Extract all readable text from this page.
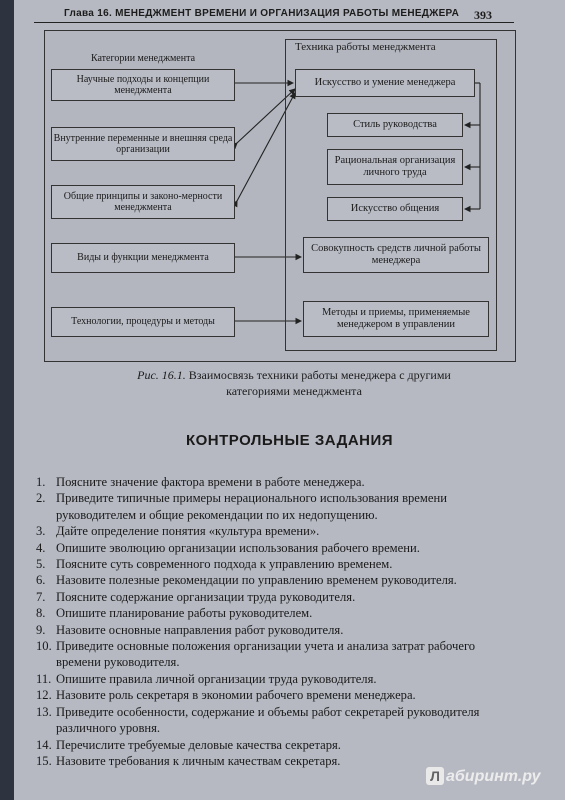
Глава 16. МЕНЕДЖМЕНТ ВРЕМЕНИ И ОРГАНИЗАЦИЯ РАБОТЫ МЕНЕДЖЕРА 393
Техника работы менеджмента
Категории менеджмента
Научные подходы и концепции менеджмента
Внутренние переменные и внешняя среда организации
Общие принципы и законо-мерности менеджмента
Виды и функции менеджмента
Технологии, процедуры и методы
Искусство и умение менеджера
Стиль руководства
Рациональная организация личного труда
Искусство общения
Совокупность средств личной работы менеджера
Методы и приемы, применяемые менеджером в управлении
Рис. 16.1. Взаимосвязь техники работы менеджера с другими категориями менеджмента
КОНТРОЛЬНЫЕ ЗАДАНИЯ
1. Поясните значение фактора времени в работе менеджера.
2. Приведите типичные примеры нерационального использования времени руководителем и общие рекомендации по их недопущению.
3. Дайте определение понятия «культура времени».
4. Опишите эволюцию организации использования рабочего времени.
5. Поясните суть современного подхода к управлению временем.
6. Назовите полезные рекомендации по управлению временем руководителя.
7. Поясните содержание организации труда руководителя.
8. Опишите планирование работы руководителем.
9. Назовите основные направления работ руководителя.
10. Приведите основные положения организации учета и анализа затрат рабочего времени руководителя.
11. Опишите правила личной организации труда руководителя.
12. Назовите роль секретаря в экономии рабочего времени менеджера.
13. Приведите особенности, содержание и объемы работ секретарей руководителя различного уровня.
14. Перечислите требуемые деловые качества секретаря.
15. Назовите требования к личным качествам секретаря.
Л абиринт.ру
